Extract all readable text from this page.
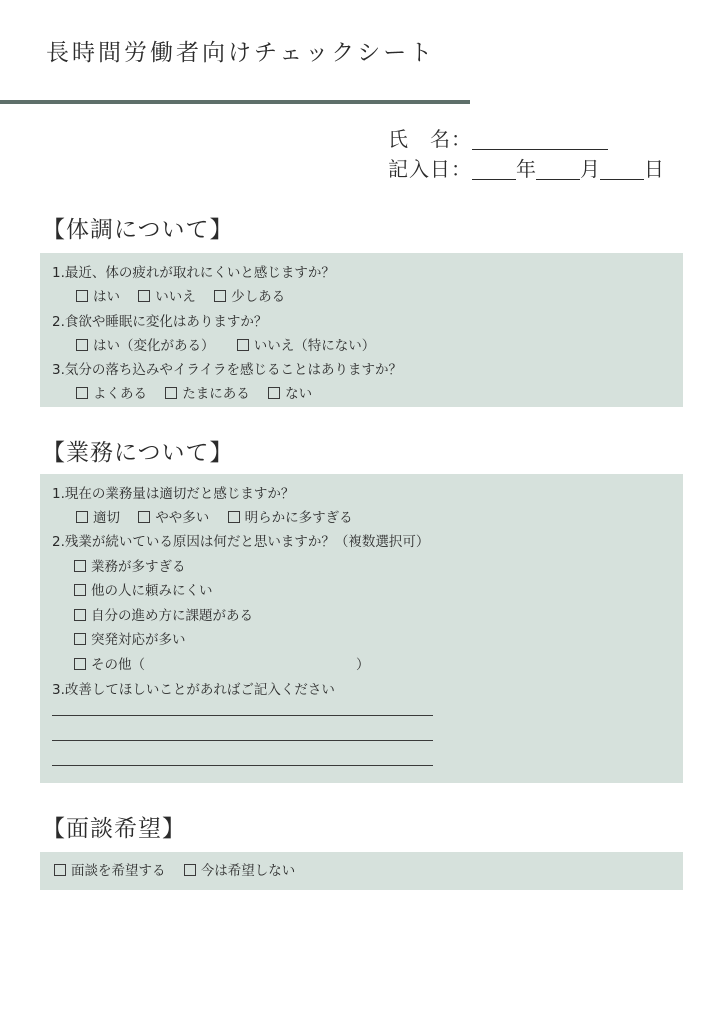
長時間労働者向けチェックシート
氏　名：
記入日： 年 月 日
【体調について】
1.最近、体の疲れが取れにくいと感じますか？
はい	いいえ	少しある
2.食欲や睡眠に変化はありますか？
はい（変化がある）	いいえ（特にない）
3.気分の落ち込みやイライラを感じることはありますか？
よくある	たまにある	ない
【業務について】
1.現在の業務量は適切だと感じますか？
適切	やや多い	明らかに多すぎる
2.残業が続いている原因は何だと思いますか？（複数選択可）
業務が多すぎる
他の人に頼みにくい
自分の進め方に課題がある
突発対応が多い
その他（	）
3.改善してほしいことがあればご記入ください
【面談希望】
面談を希望する	今は希望しない
